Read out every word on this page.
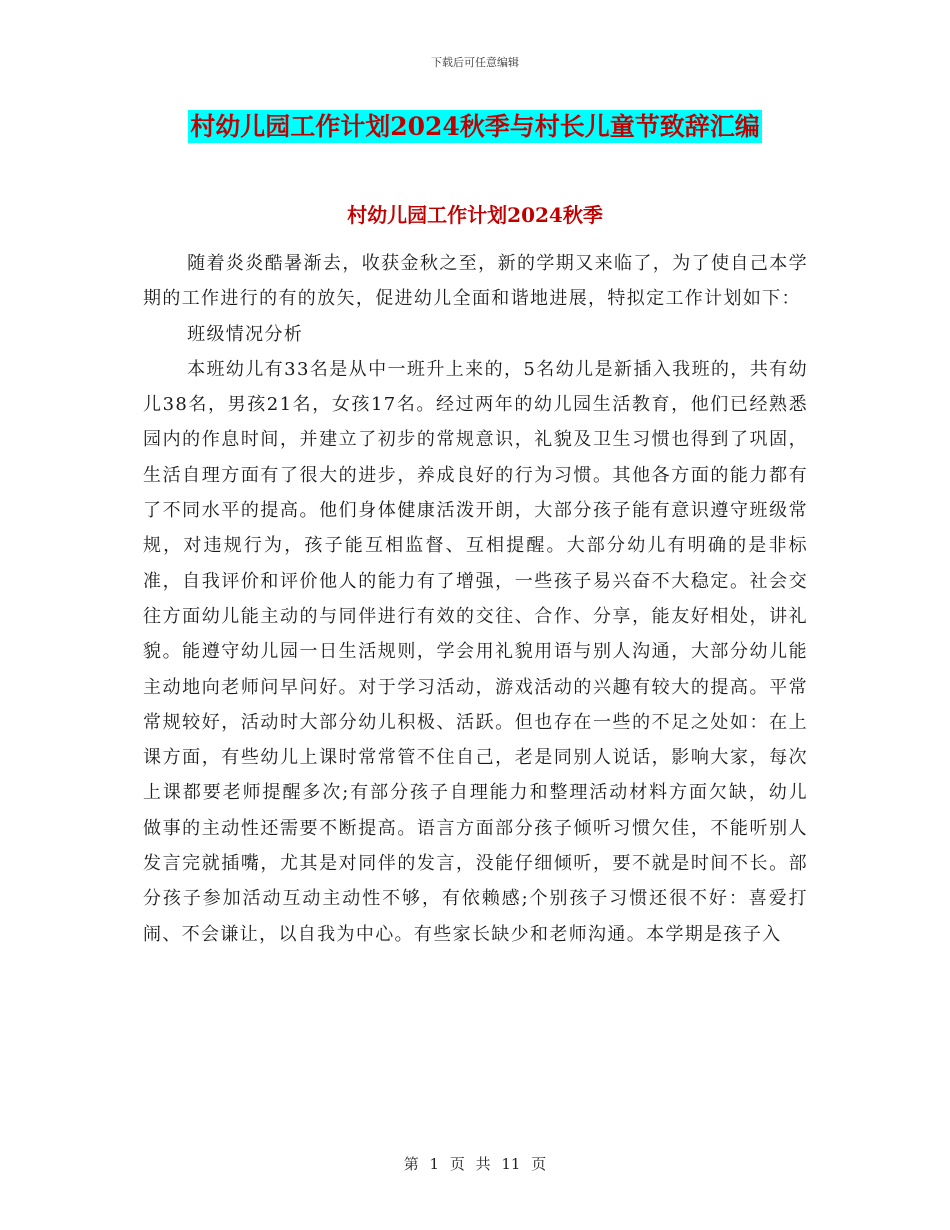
下载后可任意编辑
村幼儿园工作计划2024秋季与村长儿童节致辞汇编
村幼儿园工作计划2024秋季

随着炎炎酷暑渐去，收获金秋之至，新的学期又来临了，为了使自己本学期的工作进行的有的放矢，促进幼儿全面和谐地进展，特拟定工作计划如下：

班级情况分析

本班幼儿有33名是从中一班升上来的，5名幼儿是新插入我班的，共有幼儿38名，男孩21名，女孩17名。经过两年的幼儿园生活教育，他们已经熟悉园内的作息时间，并建立了初步的常规意识，礼貌及卫生习惯也得到了巩固，生活自理方面有了很大的进步，养成良好的行为习惯。其他各方面的能力都有了不同水平的提高。他们身体健康活泼开朗，大部分孩子能有意识遵守班级常规，对违规行为，孩子能互相监督、互相提醒。大部分幼儿有明确的是非标准，自我评价和评价他人的能力有了增强，一些孩子易兴奋不大稳定。社会交往方面幼儿能主动的与同伴进行有效的交往、合作、分享，能友好相处，讲礼貌。能遵守幼儿园一日生活规则，学会用礼貌用语与别人沟通，大部分幼儿能主动地向老师问早问好。对于学习活动，游戏活动的兴趣有较大的提高。平常常规较好，活动时大部分幼儿积极、活跃。但也存在一些的不足之处如：在上课方面，有些幼儿上课时常常管不住自己，老是同别人说话，影响大家，每次上课都要老师提醒多次;有部分孩子自理能力和整理活动材料方面欠缺，幼儿做事的主动性还需要不断提高。语言方面部分孩子倾听习惯欠佳，不能听别人发言完就插嘴，尤其是对同伴的发言，没能仔细倾听，要不就是时间不长。部分孩子参加活动互动主动性不够，有依赖感;个别孩子习惯还很不好：喜爱打闹、不会谦让，以自我为中心。有些家长缺少和老师沟通。本学期是孩子入

第 1 页 共 11 页
